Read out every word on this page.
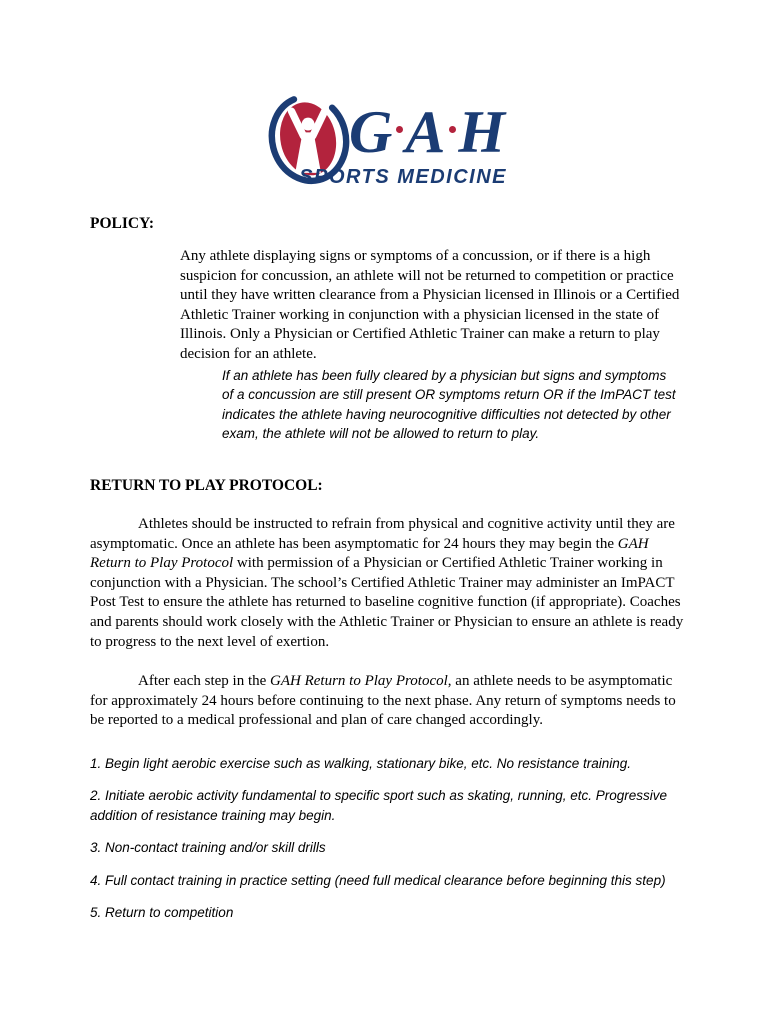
G A H
SPORTS MEDICINE
POLICY:

Any athlete displaying signs or symptoms of a concussion, or if there is a high suspicion for concussion, an athlete will not be returned to competition or practice until they have written clearance from a Physician licensed in Illinois or a Certified Athletic Trainer working in conjunction with a physician licensed in the state of Illinois. Only a Physician or Certified Athletic Trainer can make a return to play decision for an athlete.

If an athlete has been fully cleared by a physician but signs and symptoms of a concussion are still present OR symptoms return OR if the ImPACT test indicates the athlete having neurocognitive difficulties not detected by other exam, the athlete will not be allowed to return to play.

RETURN TO PLAY PROTOCOL:

Athletes should be instructed to refrain from physical and cognitive activity until they are asymptomatic. Once an athlete has been asymptomatic for 24 hours they may begin the GAH Return to Play Protocol with permission of a Physician or Certified Athletic Trainer working in conjunction with a Physician. The school’s Certified Athletic Trainer may administer an ImPACT Post Test to ensure the athlete has returned to baseline cognitive function (if appropriate). Coaches and parents should work closely with the Athletic Trainer or Physician to ensure an athlete is ready to progress to the next level of exertion.

After each step in the GAH Return to Play Protocol, an athlete needs to be asymptomatic for approximately 24 hours before continuing to the next phase. Any return of symptoms needs to be reported to a medical professional and plan of care changed accordingly.

1. Begin light aerobic exercise such as walking, stationary bike, etc. No resistance training.

2. Initiate aerobic activity fundamental to specific sport such as skating, running, etc. Progressive addition of resistance training may begin.

3. Non-contact training and/or skill drills

4. Full contact training in practice setting (need full medical clearance before beginning this step)

5. Return to competition
